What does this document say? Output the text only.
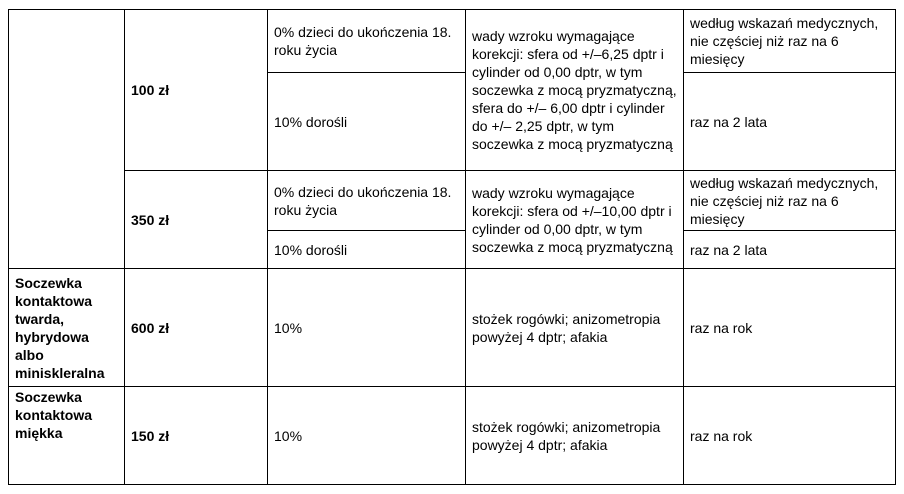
	100 zł	0% dzieci do ukończenia 18. roku życia	wady wzroku wymagające korekcji: sfera od +/–6,25 dptr i cylinder od 0,00 dptr, w tym soczewka z mocą pryzmatyczną, sfera do +/– 6,00 dptr i cylinder do +/– 2,25 dptr, w tym soczewka z mocą pryzmatyczną	według wskazań medycznych, nie częściej niż raz na 6 miesięcy
		10% dorośli		raz na 2 lata
	350 zł	0% dzieci do ukończenia 18. roku życia	wady wzroku wymagające korekcji: sfera od +/–10,00 dptr i cylinder od 0,00 dptr, w tym soczewka z mocą pryzmatyczną	według wskazań medycznych, nie częściej niż raz na 6 miesięcy
		10% dorośli		raz na 2 lata
Soczewka kontaktowa twarda, hybrydowa albo miniskleralna	600 zł	10%	stożek rogówki; anizometropia powyżej 4 dptr; afakia	raz na rok
Soczewka kontaktowa miękka	150 zł	10%	stożek rogówki; anizometropia powyżej 4 dptr; afakia	raz na rok
